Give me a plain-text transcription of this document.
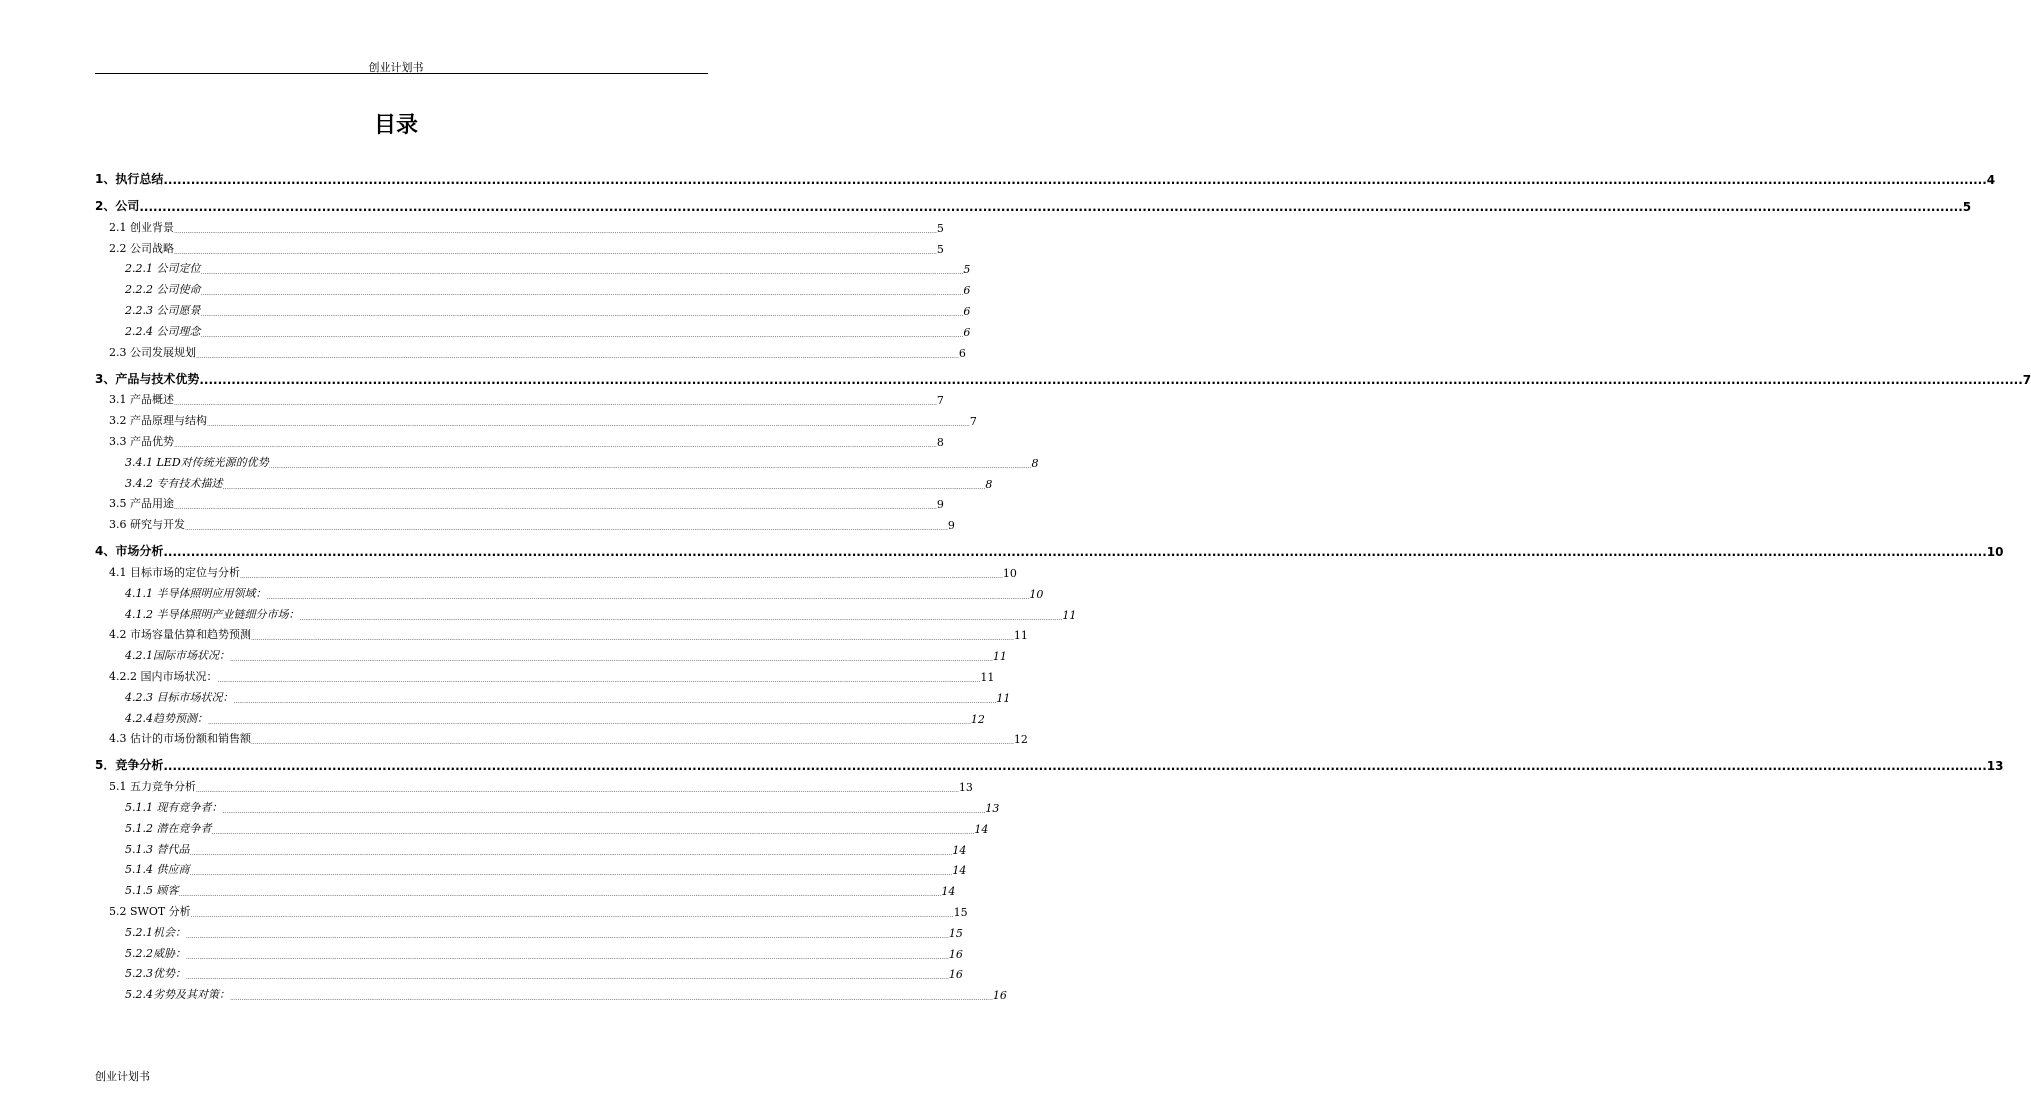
创业计划书
目录
1、执行总结 ................................................................................................................................................................................................................................................................................................................................................................................................................ 4
2、公司 ................................................................................................................................................................................................................................................................................................................................................................................................................ 5
2.1 创业背景 ................................................................................................................................................................................................................................................................................................................................................................................................................ 5
2.2 公司战略 ................................................................................................................................................................................................................................................................................................................................................................................................................ 5
2.2.1 公司定位 ................................................................................................................................................................................................................................................................................................................................................................................................................ 5
2.2.2 公司使命 ................................................................................................................................................................................................................................................................................................................................................................................................................ 6
2.2.3 公司愿景 ................................................................................................................................................................................................................................................................................................................................................................................................................ 6
2.2.4 公司理念 ................................................................................................................................................................................................................................................................................................................................................................................................................ 6
2.3 公司发展规划 ................................................................................................................................................................................................................................................................................................................................................................................................................ 6
3、产品与技术优势 ................................................................................................................................................................................................................................................................................................................................................................................................................ 7
3.1 产品概述 ................................................................................................................................................................................................................................................................................................................................................................................................................ 7
3.2 产品原理与结构 ................................................................................................................................................................................................................................................................................................................................................................................................................ 7
3.3 产品优势 ................................................................................................................................................................................................................................................................................................................................................................................................................ 8
3.4.1 LED对传统光源的优势 ................................................................................................................................................................................................................................................................................................................................................................................................................ 8
3.4.2 专有技术描述 ................................................................................................................................................................................................................................................................................................................................................................................................................ 8
3.5 产品用途 ................................................................................................................................................................................................................................................................................................................................................................................................................ 9
3.6 研究与开发 ................................................................................................................................................................................................................................................................................................................................................................................................................ 9
4、市场分析 ................................................................................................................................................................................................................................................................................................................................................................................................................ 10
4.1 目标市场的定位与分析 ................................................................................................................................................................................................................................................................................................................................................................................................................ 10
4.1.1 半导体照明应用领域： ................................................................................................................................................................................................................................................................................................................................................................................................................ 10
4.1.2 半导体照明产业链细分市场： ................................................................................................................................................................................................................................................................................................................................................................................................................ 11
4.2 市场容量估算和趋势预测 ................................................................................................................................................................................................................................................................................................................................................................................................................ 11
4.2.1国际市场状况： ................................................................................................................................................................................................................................................................................................................................................................................................................ 11
4.2.2 国内市场状况： ................................................................................................................................................................................................................................................................................................................................................................................................................ 11
4.2.3 目标市场状况： ................................................................................................................................................................................................................................................................................................................................................................................................................ 11
4.2.4趋势预测： ................................................................................................................................................................................................................................................................................................................................................................................................................ 12
4.3 估计的市场份额和销售额 ................................................................................................................................................................................................................................................................................................................................................................................................................ 12
5．竞争分析 ................................................................................................................................................................................................................................................................................................................................................................................................................ 13
5.1 五力竞争分析 ................................................................................................................................................................................................................................................................................................................................................................................................................ 13
5.1.1 现有竞争者： ................................................................................................................................................................................................................................................................................................................................................................................................................ 13
5.1.2 潜在竞争者 ................................................................................................................................................................................................................................................................................................................................................................................................................ 14
5.1.3 替代品 ................................................................................................................................................................................................................................................................................................................................................................................................................ 14
5.1.4 供应商 ................................................................................................................................................................................................................................................................................................................................................................................................................ 14
5.1.5 顾客 ................................................................................................................................................................................................................................................................................................................................................................................................................ 14
5.2 SWOT 分析 ................................................................................................................................................................................................................................................................................................................................................................................................................ 15
5.2.1机会： ................................................................................................................................................................................................................................................................................................................................................................................................................ 15
5.2.2威胁： ................................................................................................................................................................................................................................................................................................................................................................................................................ 16
5.2.3优势： ................................................................................................................................................................................................................................................................................................................................................................................................................ 16
5.2.4劣势及其对策： ................................................................................................................................................................................................................................................................................................................................................................................................................ 16
创业计划书
